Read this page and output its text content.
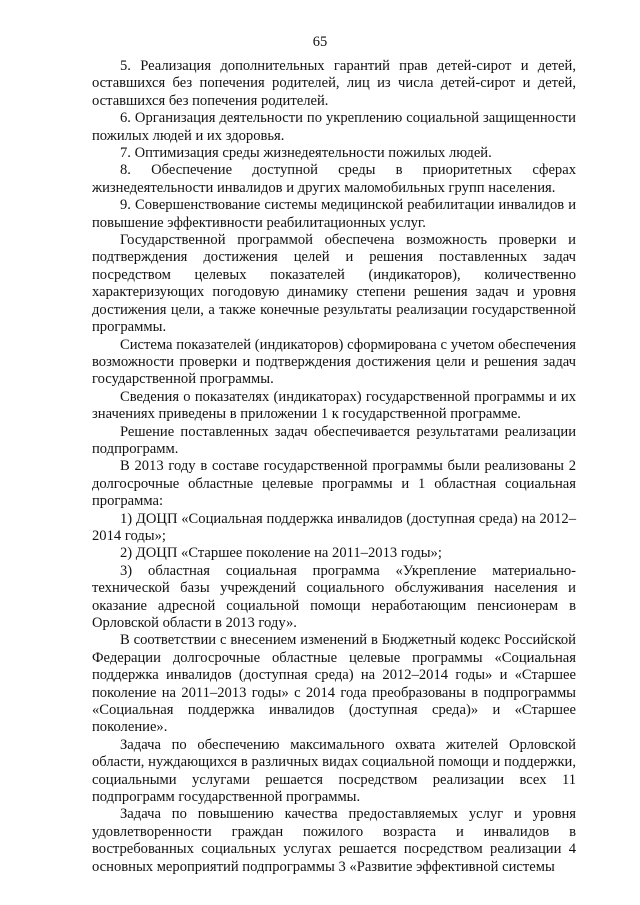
65

5. Реализация дополнительных гарантий прав детей-сирот и детей, оставшихся без попечения родителей, лиц из числа детей-сирот и детей, оставшихся без попечения родителей.

6. Организация деятельности по укреплению социальной защищенности пожилых людей и их здоровья.

7. Оптимизация среды жизнедеятельности пожилых людей.

8. Обеспечение доступной среды в приоритетных сферах жизнедеятельности инвалидов и других маломобильных групп населения.

9. Совершенствование системы медицинской реабилитации инвалидов и повышение эффективности реабилитационных услуг.

Государственной программой обеспечена возможность проверки и подтверждения достижения целей и решения поставленных задач посредством целевых показателей (индикаторов), количественно характеризующих погодовую динамику степени решения задач и уровня достижения цели, а также конечные результаты реализации государственной программы.

Система показателей (индикаторов) сформирована с учетом обеспечения возможности проверки и подтверждения достижения цели и решения задач государственной программы.

Сведения о показателях (индикаторах) государственной программы и их значениях приведены в приложении 1 к государственной программе.

Решение поставленных задач обеспечивается результатами реализации подпрограмм.

В 2013 году в составе государственной программы были реализованы 2 долгосрочные областные целевые программы и 1 областная социальная программа:

1) ДОЦП «Социальная поддержка инвалидов (доступная среда) на 2012–2014 годы»;

2) ДОЦП «Старшее поколение на 2011–2013 годы»;

3) областная социальная программа «Укрепление материально-технической базы учреждений социального обслуживания населения и оказание адресной социальной помощи неработающим пенсионерам в Орловской области в 2013 году».

В соответствии с внесением изменений в Бюджетный кодекс Российской Федерации долгосрочные областные целевые программы «Социальная поддержка инвалидов (доступная среда) на 2012–2014 годы» и «Старшее поколение на 2011–2013 годы» с 2014 года преобразованы в подпрограммы «Социальная поддержка инвалидов (доступная среда)» и «Старшее поколение».

Задача по обеспечению максимального охвата жителей Орловской области, нуждающихся в различных видах социальной помощи и поддержки, социальными услугами решается посредством реализации всех 11 подпрограмм государственной программы.

Задача по повышению качества предоставляемых услуг и уровня удовлетворенности граждан пожилого возраста и инвалидов в востребованных социальных услугах решается посредством реализации 4 основных мероприятий подпрограммы 3 «Развитие эффективной системы
